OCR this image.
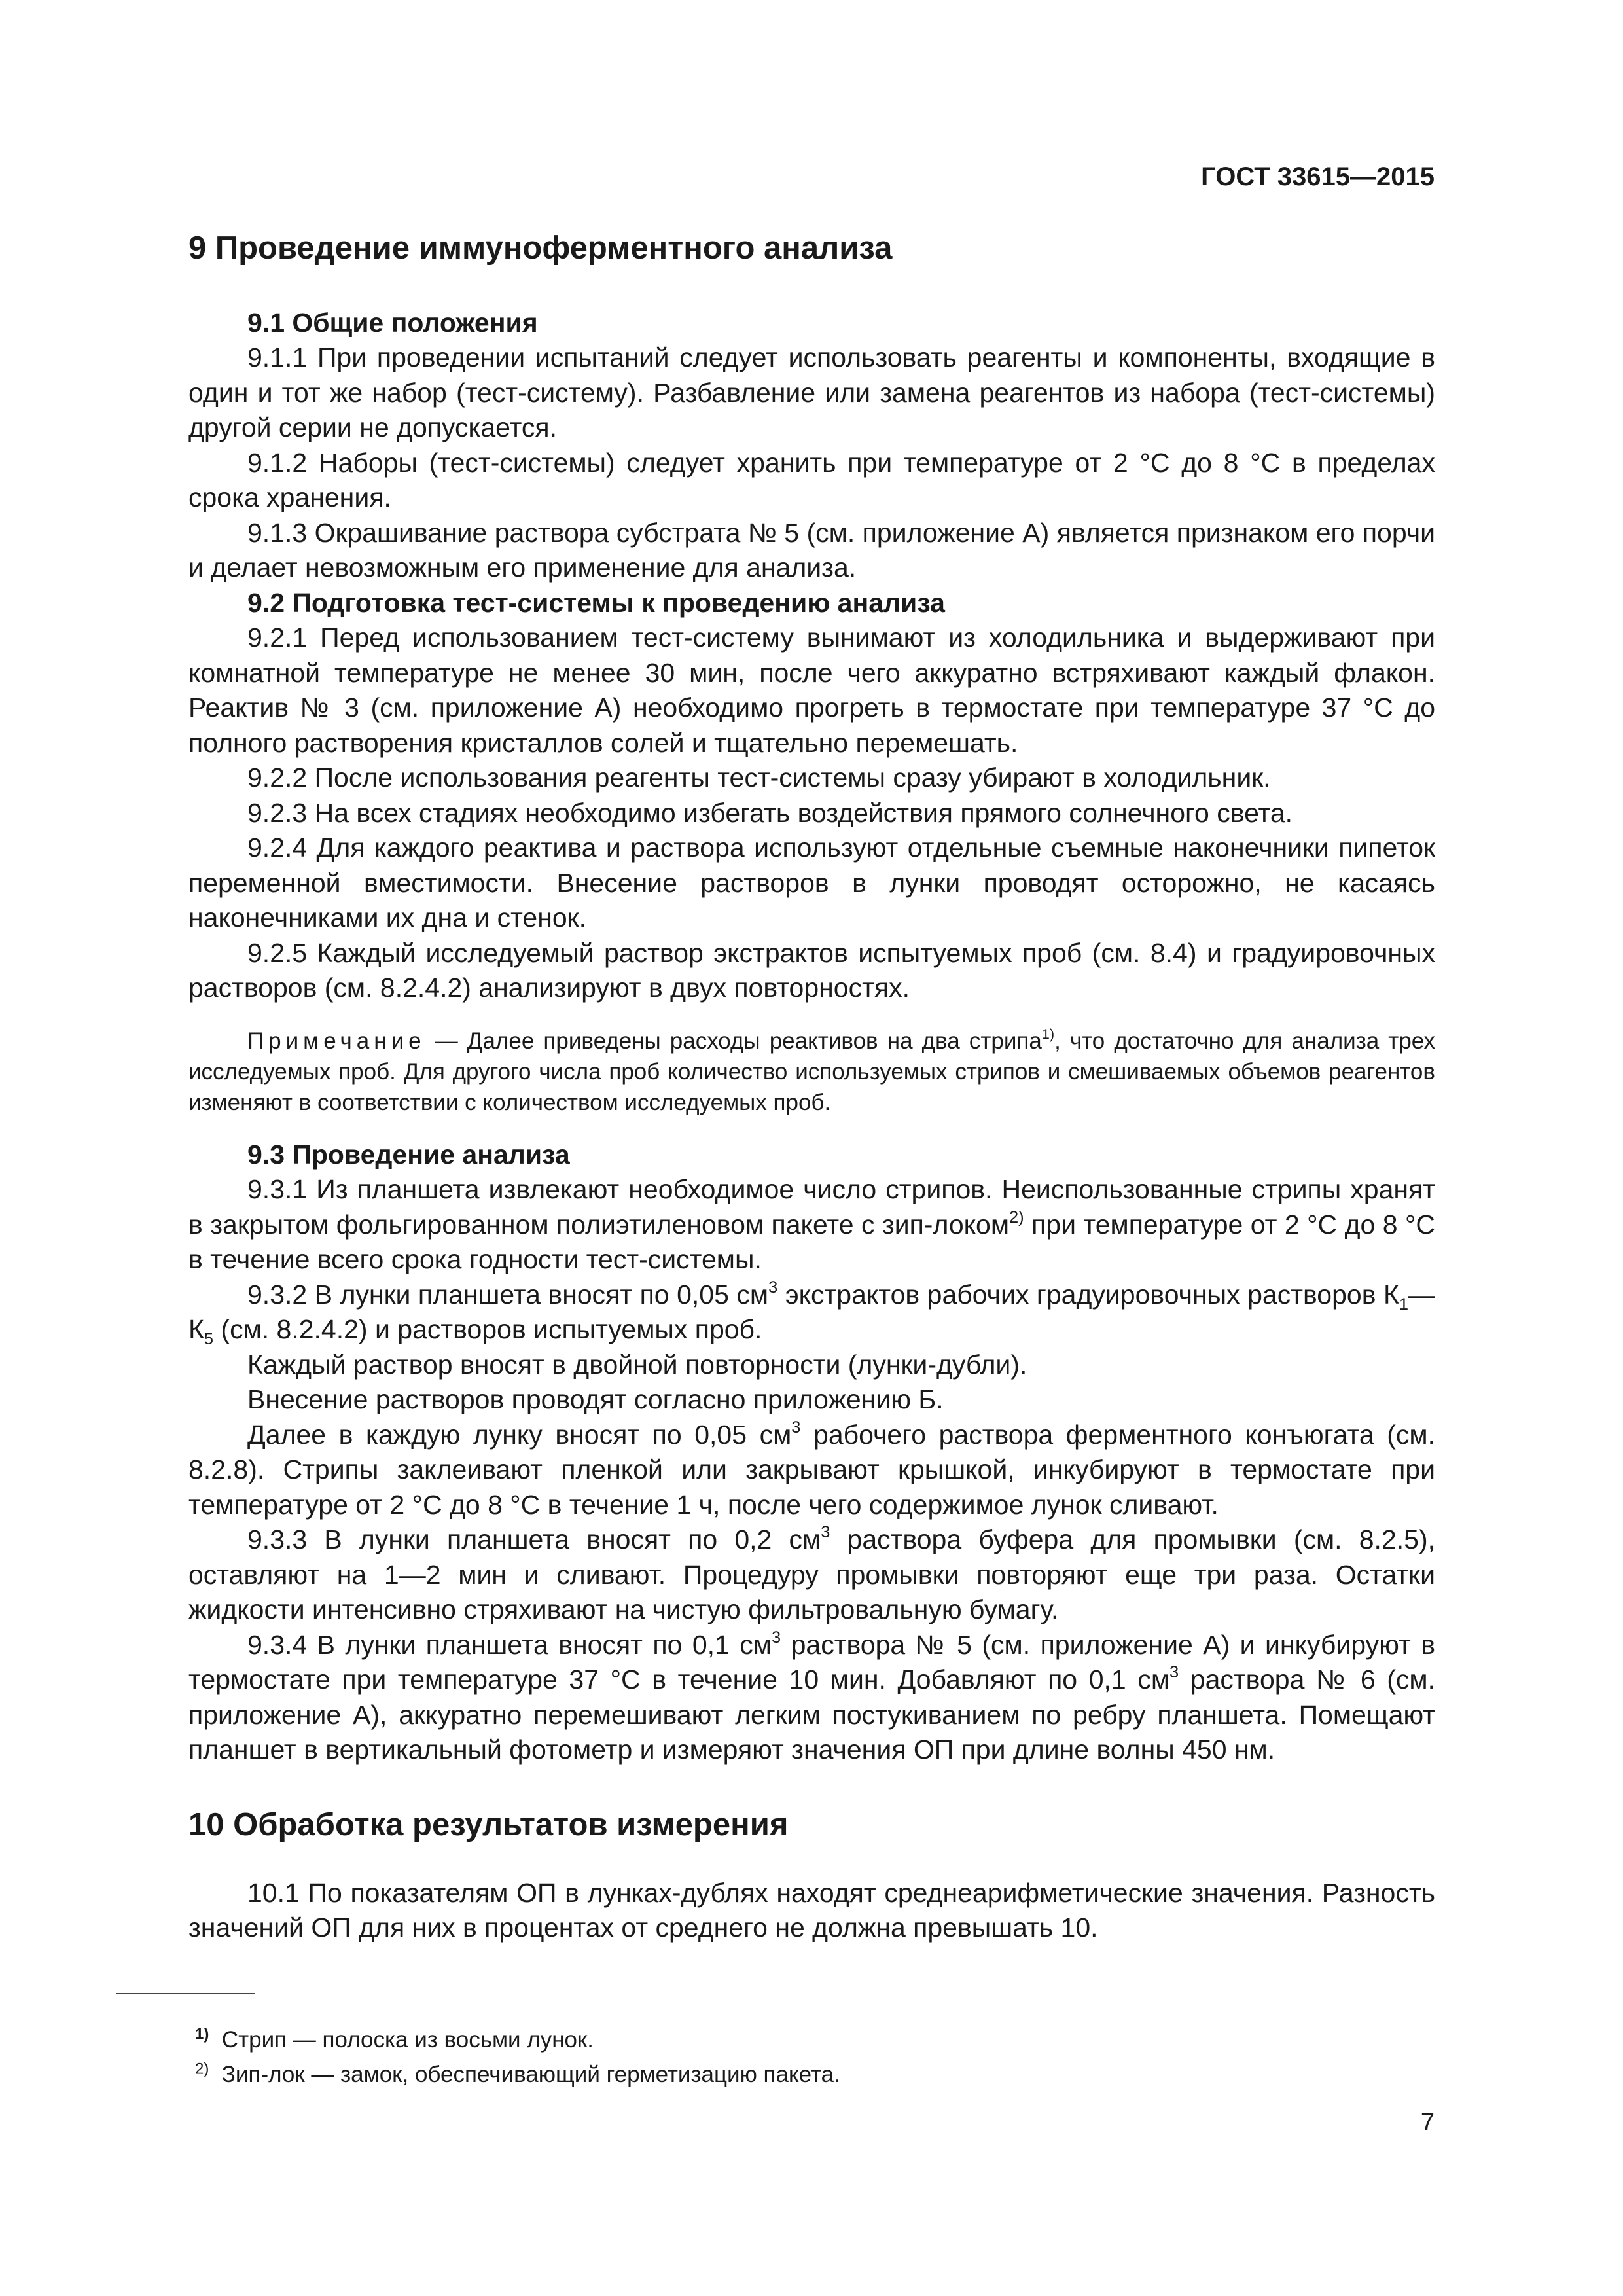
ГОСТ 33615—2015
9 Проведение иммуноферментного анализа
9.1 Общие положения

9.1.1 При проведении испытаний следует использовать реагенты и компоненты, входящие в один и тот же набор (тест-систему). Разбавление или замена реагентов из набора (тест-системы) другой серии не допускается.

9.1.2 Наборы (тест-системы) следует хранить при температуре от 2 °С до 8 °С в пределах срока хранения.

9.1.3 Окрашивание раствора субстрата № 5 (см. приложение А) является признаком его порчи и делает невозможным его применение для анализа.

9.2 Подготовка тест-системы к проведению анализа

9.2.1 Перед использованием тест-систему вынимают из холодильника и выдерживают при комнатной температуре не менее 30 мин, после чего аккуратно встряхивают каждый флакон. Реактив № 3 (см. приложение А) необходимо прогреть в термостате при температуре 37 °С до полного растворения кристаллов солей и тщательно перемешать.

9.2.2 После использования реагенты тест-системы сразу убирают в холодильник.

9.2.3 На всех стадиях необходимо избегать воздействия прямого солнечного света.

9.2.4 Для каждого реактива и раствора используют отдельные съемные наконечники пипеток переменной вместимости. Внесение растворов в лунки проводят осторожно, не касаясь наконечниками их дна и стенок.

9.2.5 Каждый исследуемый раствор экстрактов испытуемых проб (см. 8.4) и градуировочных растворов (см. 8.2.4.2) анализируют в двух повторностях.

Примечание — Далее приведены расходы реактивов на два стрипа$^{1)}$, что достаточно для анализа трех исследуемых проб. Для другого числа проб количество используемых стрипов и смешиваемых объемов реагентов изменяют в соответствии с количеством исследуемых проб.
9.3 Проведение анализа

9.3.1 Из планшета извлекают необходимое число стрипов. Неиспользованные стрипы хранят в закрытом фольгированном полиэтиленовом пакете с зип-локом$^{2)}$ при температуре от 2 °С до 8 °С в течение всего срока годности тест-системы.

9.3.2 В лунки планшета вносят по 0,05 $см^3$ экстрактов рабочих градуировочных растворов $К_1—К_5$ (см. 8.2.4.2) и растворов испытуемых проб.

Каждый раствор вносят в двойной повторности (лунки-дубли).

Внесение растворов проводят согласно приложению Б.

Далее в каждую лунку вносят по 0,05 $см^3$ рабочего раствора ферментного конъюгата (см. 8.2.8). Стрипы заклеивают пленкой или закрывают крышкой, инкубируют в термостате при температуре от 2 °С до 8 °С в течение 1 ч, после чего содержимое лунок сливают.

9.3.3 В лунки планшета вносят по 0,2 $см^3$ раствора буфера для промывки (см. 8.2.5), оставляют на 1—2 мин и сливают. Процедуру промывки повторяют еще три раза. Остатки жидкости интенсивно стряхивают на чистую фильтровальную бумагу.

9.3.4 В лунки планшета вносят по 0,1 $см^3$ раствора № 5 (см. приложение А) и инкубируют в термостате при температуре 37 °С в течение 10 мин. Добавляют по 0,1 $см^3$ раствора № 6 (см. приложение А), аккуратно перемешивают легким постукиванием по ребру планшета. Помещают планшет в вертикальный фотометр и измеряют значения ОП при длине волны 450 нм.

10 Обработка результатов измерения

10.1 По показателям ОП в лунках-дублях находят среднеарифметические значения. Разность значений ОП для них в процентах от среднего не должна превышать 10.

$^{1)}$ Стрип — полоска из восьми лунок.
$^{2)}$ Зип-лок — замок, обеспечивающий герметизацию пакета.
7
